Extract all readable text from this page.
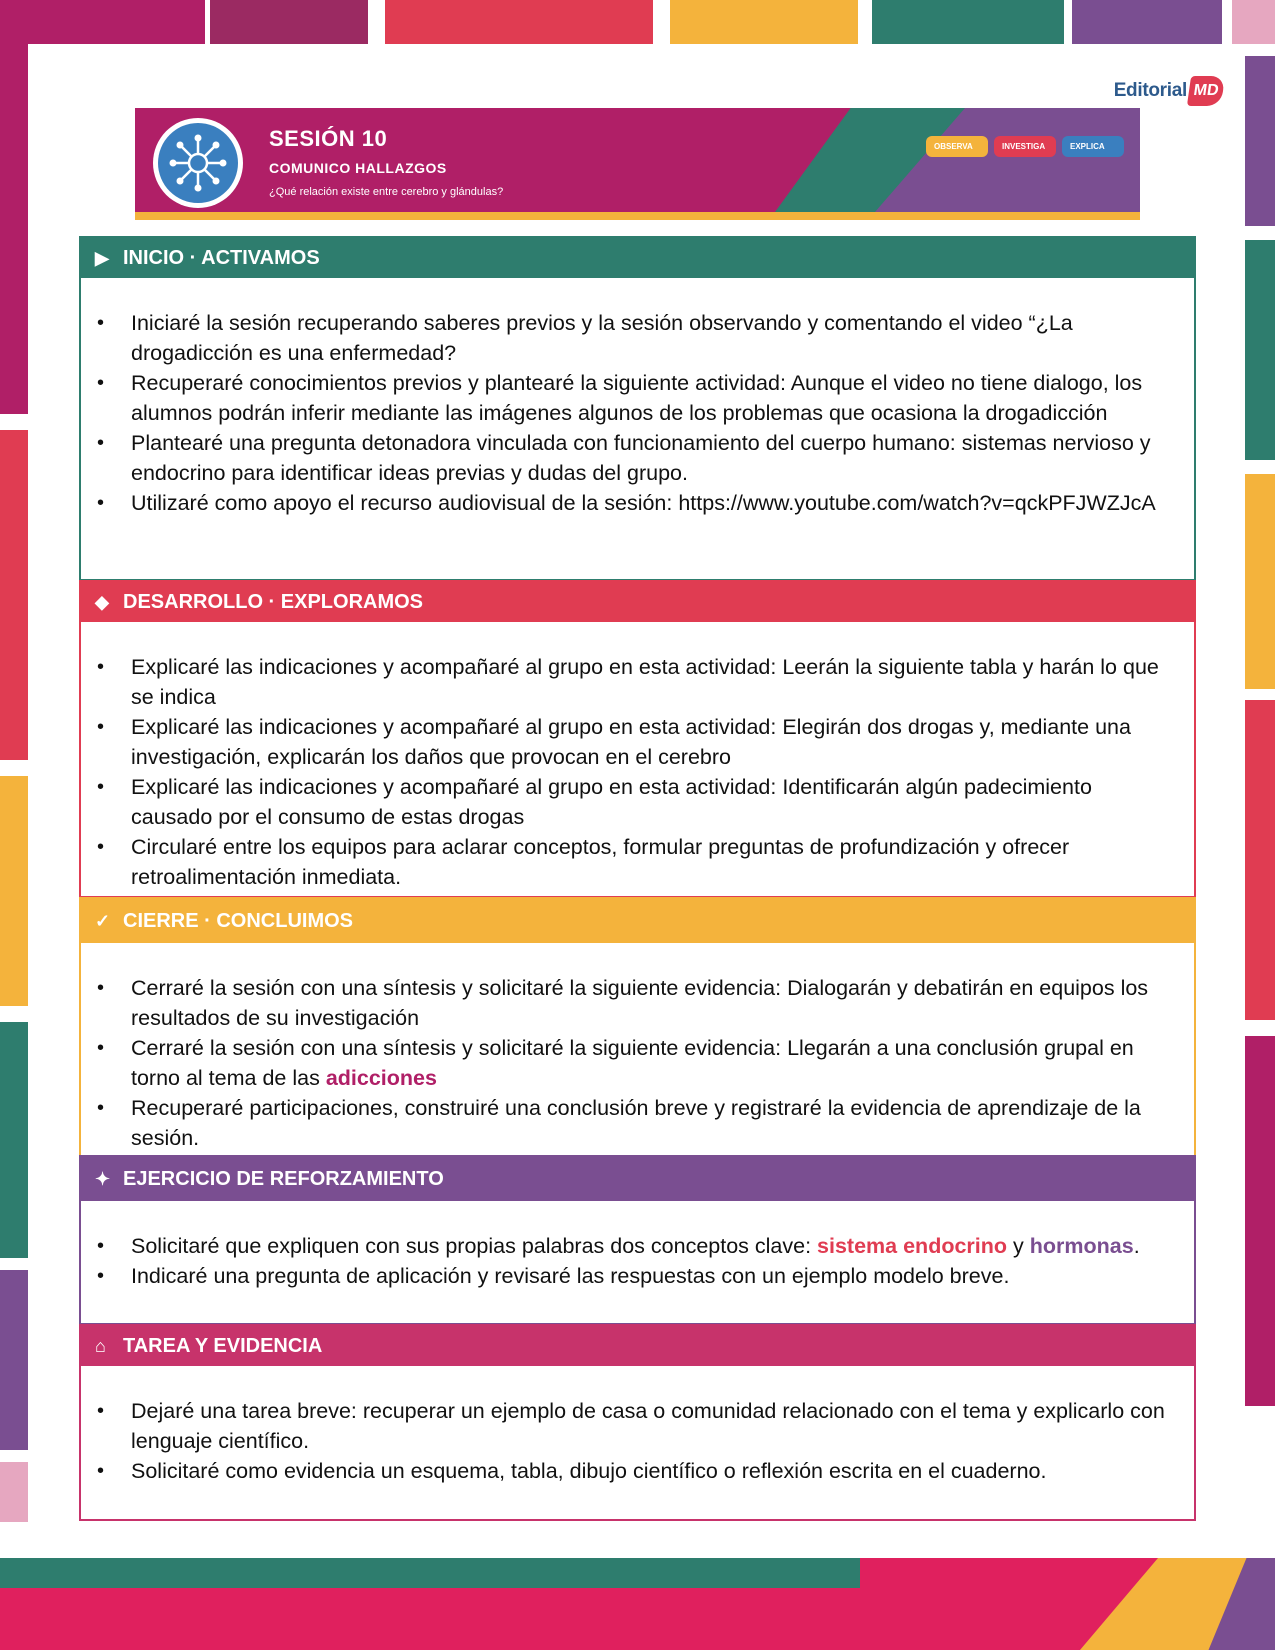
Editorial MD
SESIÓN 10
COMUNICO HALLAZGOS
¿Qué relación existe entre cerebro y glándulas?
OBSERVA	INVESTIGA	EXPLICA
▶ INICIO · ACTIVAMOS
• Iniciaré la sesión recuperando saberes previos y la sesión observando y comentando el video “¿La drogadicción es una enfermedad?
• Recuperaré conocimientos previos y plantearé la siguiente actividad: Aunque el video no tiene dialogo, los alumnos podrán inferir mediante las imágenes algunos de los problemas que ocasiona la drogadicción
• Plantearé una pregunta detonadora vinculada con funcionamiento del cuerpo humano: sistemas nervioso y endocrino para identificar ideas previas y dudas del grupo.
• Utilizaré como apoyo el recurso audiovisual de la sesión: https://www.youtube.com/watch?v=qckPFJWZJcA
◆ DESARROLLO · EXPLORAMOS
• Explicaré las indicaciones y acompañaré al grupo en esta actividad: Leerán la siguiente tabla y harán lo que se indica
• Explicaré las indicaciones y acompañaré al grupo en esta actividad: Elegirán dos drogas y, mediante una investigación, explicarán los daños que provocan en el cerebro
• Explicaré las indicaciones y acompañaré al grupo en esta actividad: Identificarán algún padecimiento causado por el consumo de estas drogas
• Circularé entre los equipos para aclarar conceptos, formular preguntas de profundización y ofrecer retroalimentación inmediata.
✓ CIERRE · CONCLUIMOS
• Cerraré la sesión con una síntesis y solicitaré la siguiente evidencia: Dialogarán y debatirán en equipos los resultados de su investigación
• Cerraré la sesión con una síntesis y solicitaré la siguiente evidencia: Llegarán a una conclusión grupal en torno al tema de las adicciones
• Recuperaré participaciones, construiré una conclusión breve y registraré la evidencia de aprendizaje de la sesión.
✦ EJERCICIO DE REFORZAMIENTO
• Solicitaré que expliquen con sus propias palabras dos conceptos clave: sistema endocrino y hormonas.
• Indicaré una pregunta de aplicación y revisaré las respuestas con un ejemplo modelo breve.
⌂ TAREA Y EVIDENCIA
• Dejaré una tarea breve: recuperar un ejemplo de casa o comunidad relacionado con el tema y explicarlo con lenguaje científico.
• Solicitaré como evidencia un esquema, tabla, dibujo científico o reflexión escrita en el cuaderno.
